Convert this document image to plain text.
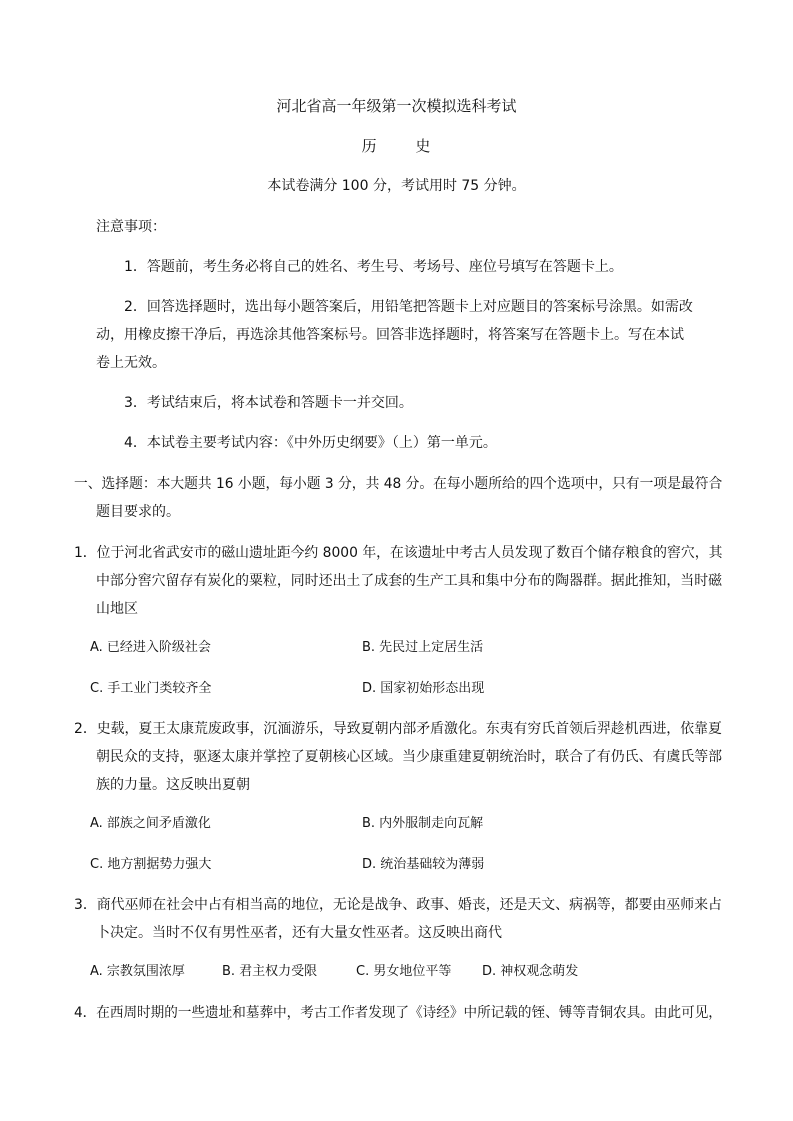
河北省高一年级第一次模拟选科考试
历	史
本试卷满分 100 分，考试用时 75 分钟。
注意事项：
1．答题前，考生务必将自己的姓名、考生号、考场号、座位号填写在答题卡上。
2．回答选择题时，选出每小题答案后，用铅笔把答题卡上对应题目的答案标号涂黑。如需改
动，用橡皮擦干净后，再选涂其他答案标号。回答非选择题时，将答案写在答题卡上。写在本试
卷上无效。
3．考试结束后，将本试卷和答题卡一并交回。
4．本试卷主要考试内容：《中外历史纲要》（上）第一单元。
一、选择题：本大题共 16 小题，每小题 3 分，共 48 分。在每小题所给的四个选项中，只有一项是最符合
题目要求的。
1．位于河北省武安市的磁山遗址距今约 8000 年，在该遗址中考古人员发现了数百个储存粮食的窖穴，其
中部分窖穴留存有炭化的粟粒，同时还出土了成套的生产工具和集中分布的陶器群。据此推知，当时磁
山地区
A. 已经进入阶级社会	B. 先民过上定居生活
C. 手工业门类较齐全	D. 国家初始形态出现
2．史载，夏王太康荒废政事，沉湎游乐，导致夏朝内部矛盾激化。东夷有穷氏首领后羿趁机西进，依靠夏
朝民众的支持，驱逐太康并掌控了夏朝核心区域。当少康重建夏朝统治时，联合了有仍氏、有虞氏等部
族的力量。这反映出夏朝
A. 部族之间矛盾激化	B. 内外服制走向瓦解
C. 地方割据势力强大	D. 统治基础较为薄弱
3．商代巫师在社会中占有相当高的地位，无论是战争、政事、婚丧，还是天文、病祸等，都要由巫师来占
卜决定。当时不仅有男性巫者，还有大量女性巫者。这反映出商代
A. 宗教氛围浓厚	B. 君主权力受限	C. 男女地位平等 D. 神权观念萌发
4．在西周时期的一些遗址和墓葬中，考古工作者发现了《诗经》中所记载的铚、镈等青铜农具。由此可见，
